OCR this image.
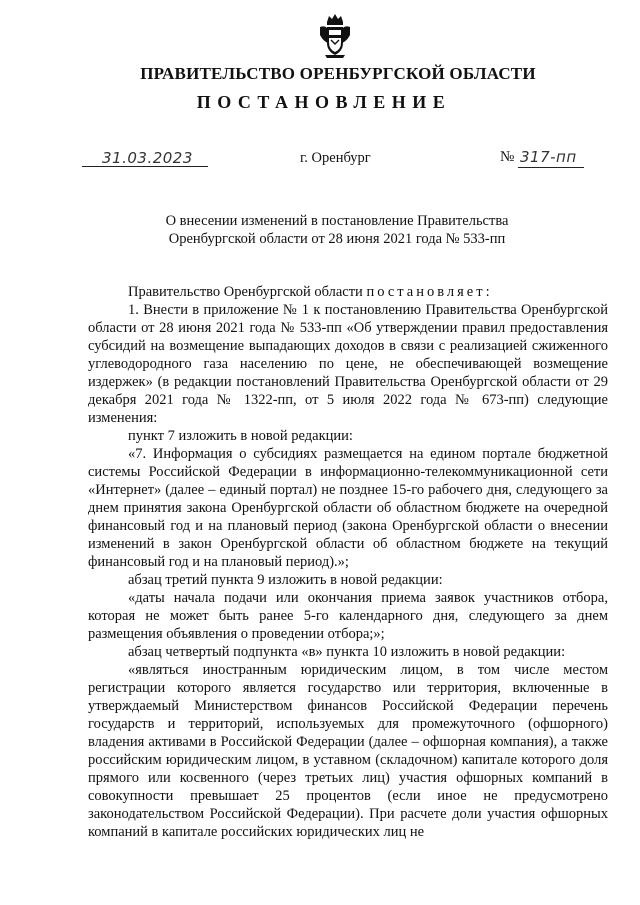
ПРАВИТЕЛЬСТВО ОРЕНБУРГСКОЙ ОБЛАСТИ
ПОСТАНОВЛЕНИЕ
31.03.2023	г. Оренбург	№ 317-пп
О внесении изменений в постановление Правительства
Оренбургской области от 28 июня 2021 года № 533-пп

Правительство Оренбургской области постановляет:

1. Внести в приложение № 1 к постановлению Правительства Оренбургской области от 28 июня 2021 года № 533-пп «Об утверждении правил предоставления субсидий на возмещение выпадающих доходов в связи с реализацией сжиженного углеводородного газа населению по цене, не обеспечивающей возмещение издержек» (в редакции постановлений Правительства Оренбургской области от 29 декабря 2021 года № 1322-пп, от 5 июля 2022 года № 673-пп) следующие изменения:

пункт 7 изложить в новой редакции:

«7. Информация о субсидиях размещается на едином портале бюджетной системы Российской Федерации в информационно-телекоммуникационной сети «Интернет» (далее – единый портал) не позднее 15-го рабочего дня, следующего за днем принятия закона Оренбургской области об областном бюджете на очередной финансовый год и на плановый период (закона Оренбургской области о внесении изменений в закон Оренбургской области об областном бюджете на текущий финансовый год и на плановый период).»;

абзац третий пункта 9 изложить в новой редакции:

«даты начала подачи или окончания приема заявок участников отбора, которая не может быть ранее 5-го календарного дня, следующего за днем размещения объявления о проведении отбора;»;

абзац четвертый подпункта «в» пункта 10 изложить в новой редакции:

«являться иностранным юридическим лицом, в том числе местом регистрации которого является государство или территория, включенные в утверждаемый Министерством финансов Российской Федерации перечень государств и территорий, используемых для промежуточного (офшорного) владения активами в Российской Федерации (далее – офшорная компания), а также российским юридическим лицом, в уставном (складочном) капитале которого доля прямого или косвенного (через третьих лиц) участия офшорных компаний в совокупности превышает 25 процентов (если иное не предусмотрено законодательством Российской Федерации). При расчете доли участия офшорных компаний в капитале российских юридических лиц не
